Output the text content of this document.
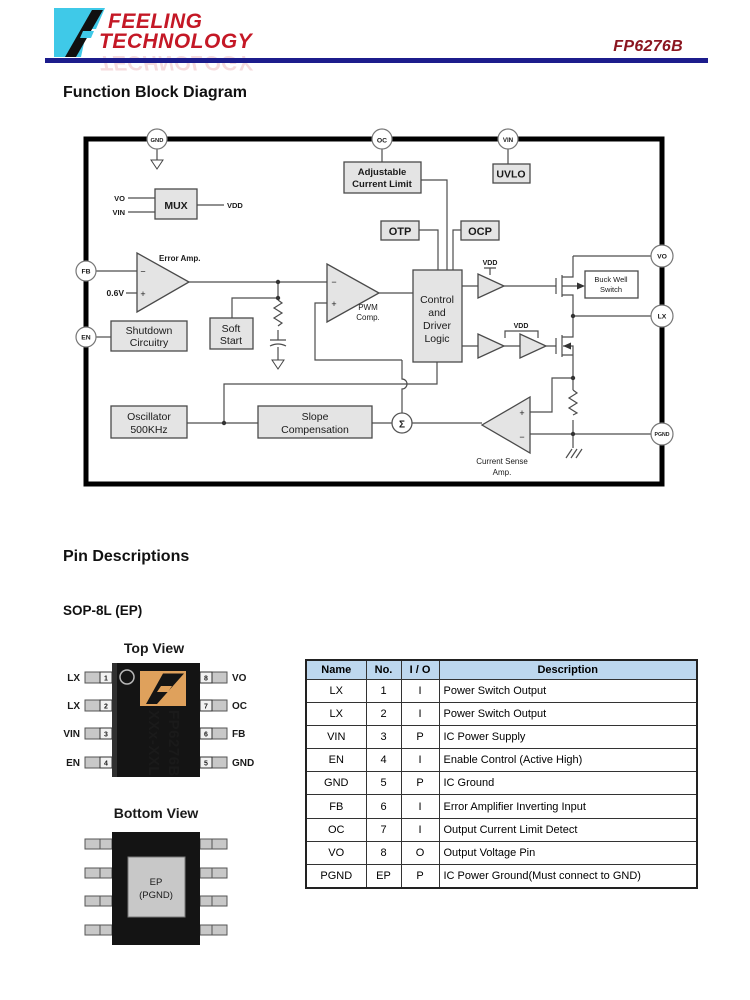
FEELING
TECHNOLOGY	FP6276B
Function Block Diagram
GND	OC	VIN
FB
EN
VO
LX
PGND
MUX
Adjustable
Current Limit
UVLO
OTP	OCP
Error Amp.
Soft
Start
Shutdown
Circuitry
Oscillator
500KHz
Slope
Compensation
PWM
Comp.
Control
and
Driver
Logic
Buck Well
Switch
Current Sense
Amp.
Σ
VO
VIN
VDD
0.6V
VDD
VDD
−
+
−
+
+
−
Pin Descriptions
SOP-8L (EP)
Top View
1
LX
2
LX
3
VIN
4
EN
8 VO
7 OC
6 FB
5 GND
FP6276B
XXx-XXL
Bottom View
EP
(PGND)
Name	No.	I / O	Description
LX	1	I	Power Switch Output
LX	2	I	Power Switch Output
VIN	3	P	IC Power Supply
EN	4	I	Enable Control (Active High)
GND	5	P	IC Ground
FB	6	I	Error Amplifier Inverting Input
OC	7	I	Output Current Limit Detect
VO	8	O	Output Voltage Pin
PGND	EP	P	IC Power Ground(Must connect to GND)
